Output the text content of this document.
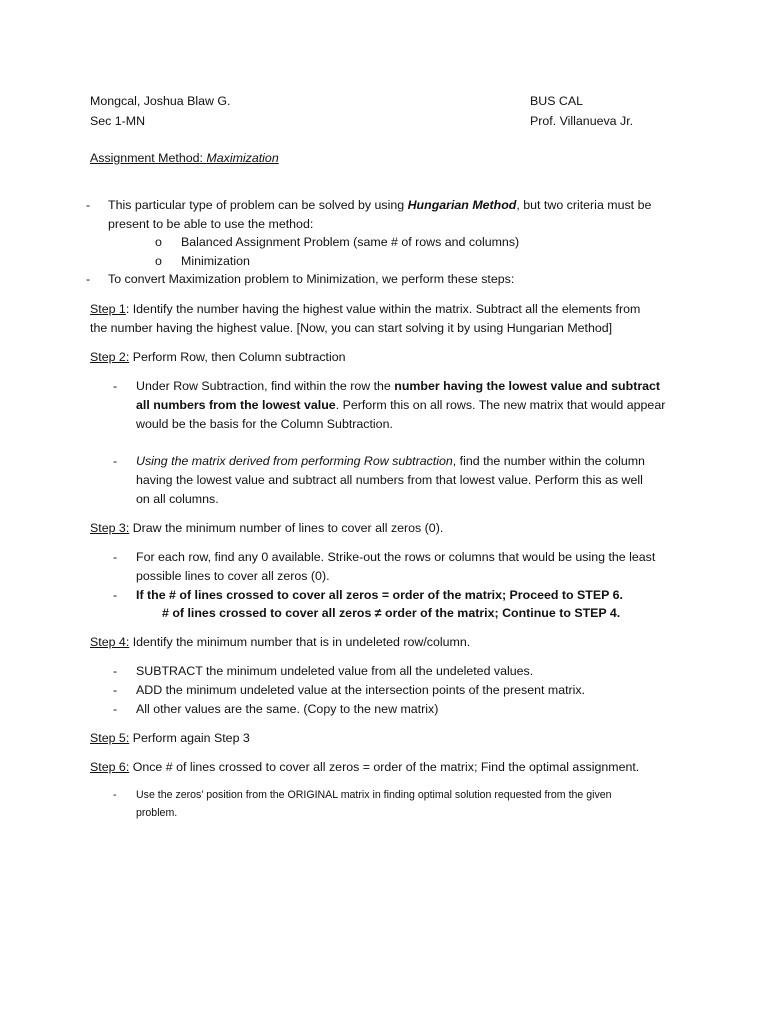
Mongcal, Joshua Blaw G.
Sec 1-MN
BUS CAL
Prof. Villanueva Jr.
Assignment Method: Maximization
- This particular type of problem can be solved by using Hungarian Method, but two criteria must be
present to be able to use the method:
o Balanced Assignment Problem (same # of rows and columns)
o Minimization
- To convert Maximization problem to Minimization, we perform these steps:
Step 1: Identify the number having the highest value within the matrix. Subtract all the elements from
the number having the highest value. [Now, you can start solving it by using Hungarian Method]
Step 2: Perform Row, then Column subtraction
- Under Row Subtraction, find within the row the number having the lowest value and subtract
all numbers from the lowest value. Perform this on all rows. The new matrix that would appear
would be the basis for the Column Subtraction.
- Using the matrix derived from performing Row subtraction, find the number within the column
having the lowest value and subtract all numbers from that lowest value. Perform this as well
on all columns.
Step 3: Draw the minimum number of lines to cover all zeros (0).
- For each row, find any 0 available. Strike-out the rows or columns that would be using the least
possible lines to cover all zeros (0).
- If the # of lines crossed to cover all zeros = order of the matrix; Proceed to STEP 6.
# of lines crossed to cover all zeros ≠ order of the matrix; Continue to STEP 4.
Step 4: Identify the minimum number that is in undeleted row/column.
- SUBTRACT the minimum undeleted value from all the undeleted values.
- ADD the minimum undeleted value at the intersection points of the present matrix.
- All other values are the same. (Copy to the new matrix)
Step 5: Perform again Step 3
Step 6: Once # of lines crossed to cover all zeros = order of the matrix; Find the optimal assignment.
- Use the zeros’ position from the ORIGINAL matrix in finding optimal solution requested from the given
problem.
